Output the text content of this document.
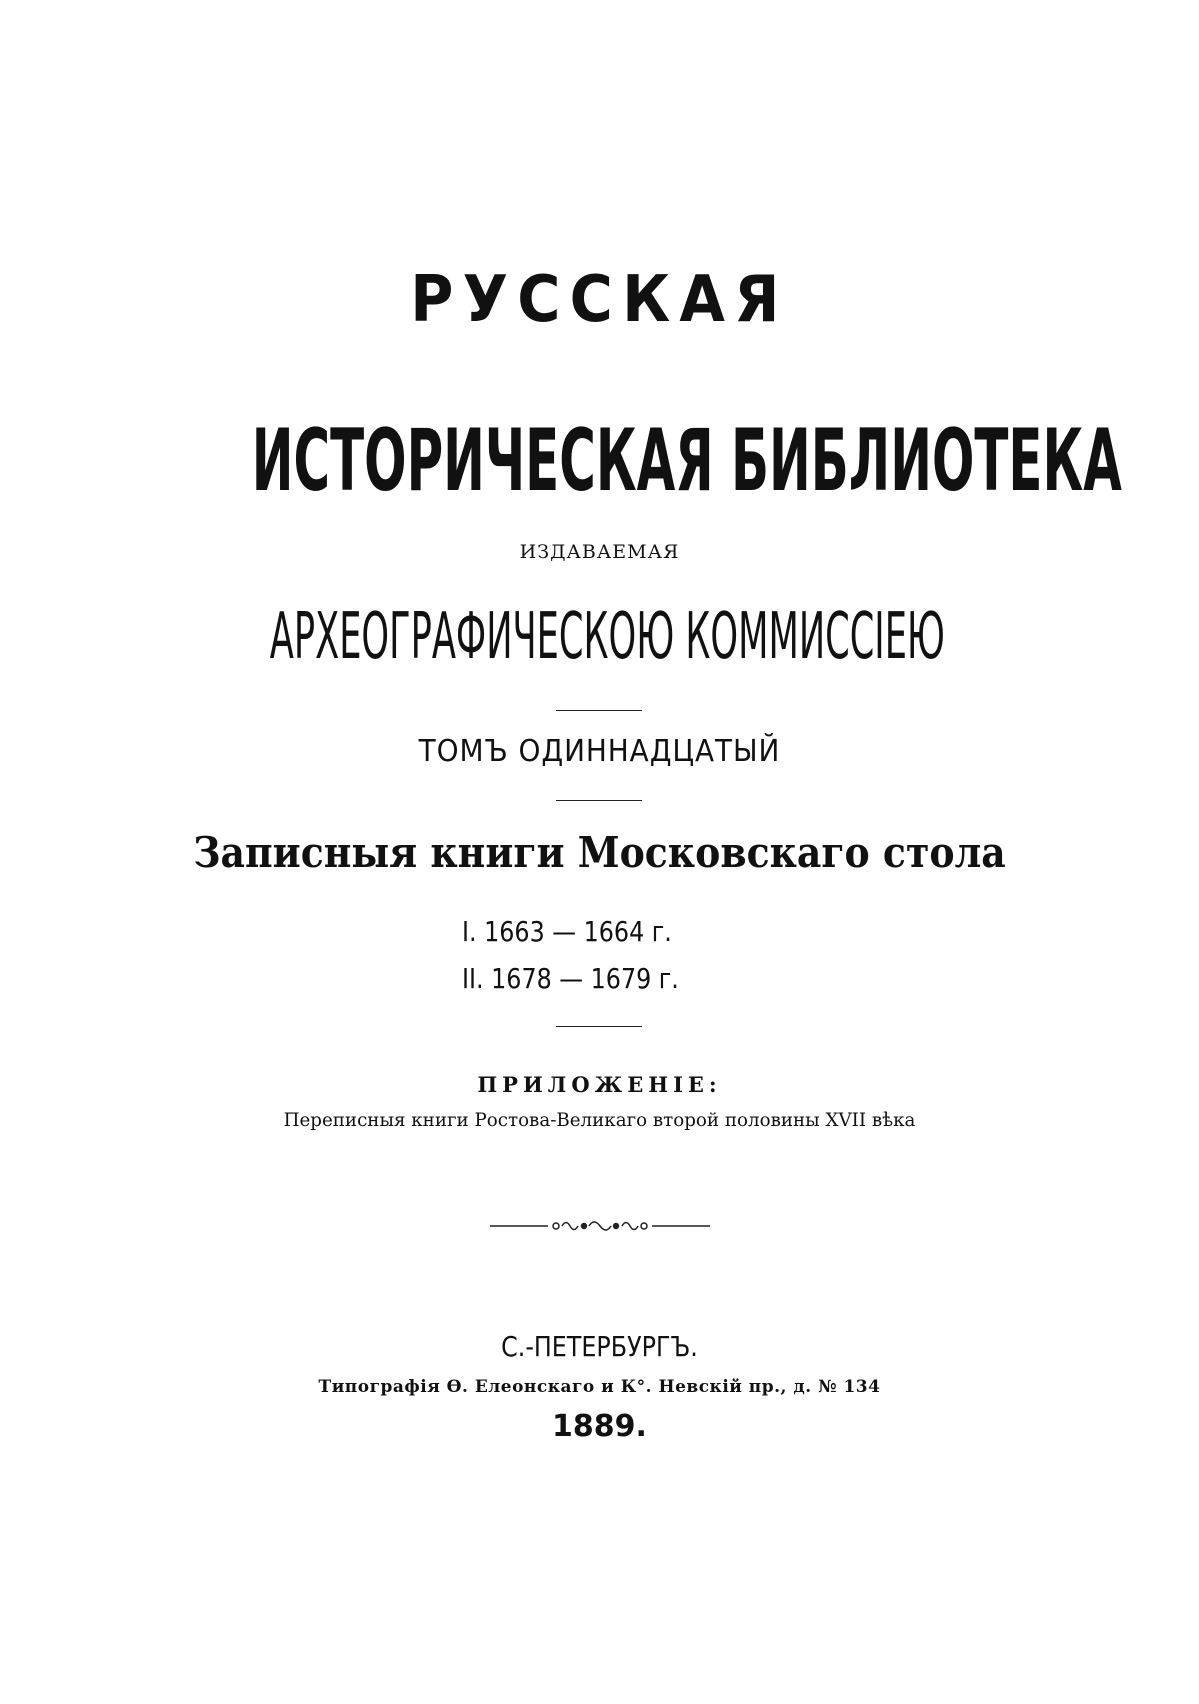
РУССКАЯ
ИСТОРИЧЕСКАЯ БИБЛИОТЕКА
ИЗДАВАЕМАЯ
АРХЕОГРАФИЧЕСКОЮ КОММИССІЕЮ
ТОМЪ ОДИННАДЦАТЫЙ
Записныя книги Московскаго стола
I. 1663 — 1664 г.
II. 1678 — 1679 г.
ПРИЛОЖЕНІЕ:
Переписныя книги Ростова-Великаго второй половины XVII вѣка
С.-ПЕТЕРБУРГЪ.
Типографія Ѳ. Елеонскаго и К°. Невскій пр., д. № 134
1889.
